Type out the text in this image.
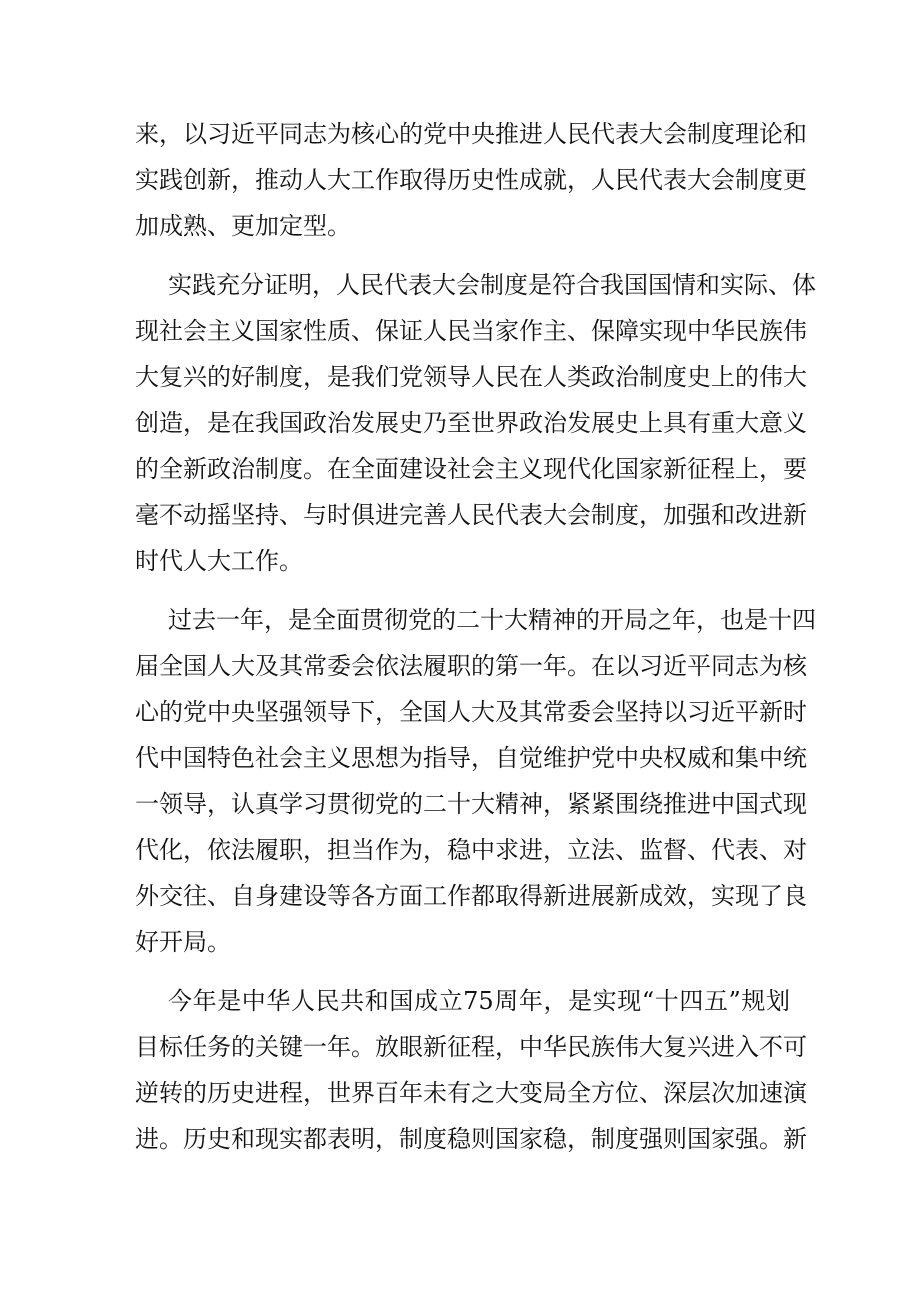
来，以习近平同志为核心的党中央推进人民代表大会制度理论和
实践创新，推动人大工作取得历史性成就，人民代表大会制度更
加成熟、更加定型。
实践充分证明，人民代表大会制度是符合我国国情和实际、体
现社会主义国家性质、保证人民当家作主、保障实现中华民族伟
大复兴的好制度，是我们党领导人民在人类政治制度史上的伟大
创造，是在我国政治发展史乃至世界政治发展史上具有重大意义
的全新政治制度。在全面建设社会主义现代化国家新征程上，要
毫不动摇坚持、与时俱进完善人民代表大会制度，加强和改进新
时代人大工作。
过去一年，是全面贯彻党的二十大精神的开局之年，也是十四
届全国人大及其常委会依法履职的第一年。在以习近平同志为核
心的党中央坚强领导下，全国人大及其常委会坚持以习近平新时
代中国特色社会主义思想为指导，自觉维护党中央权威和集中统
一领导，认真学习贯彻党的二十大精神，紧紧围绕推进中国式现
代化，依法履职，担当作为，稳中求进，立法、监督、代表、对
外交往、自身建设等各方面工作都取得新进展新成效，实现了良
好开局。
今年是中华人民共和国成立75周年，是实现“十四五”规划
目标任务的关键一年。放眼新征程，中华民族伟大复兴进入不可
逆转的历史进程，世界百年未有之大变局全方位、深层次加速演
进。历史和现实都表明，制度稳则国家稳，制度强则国家强。新
